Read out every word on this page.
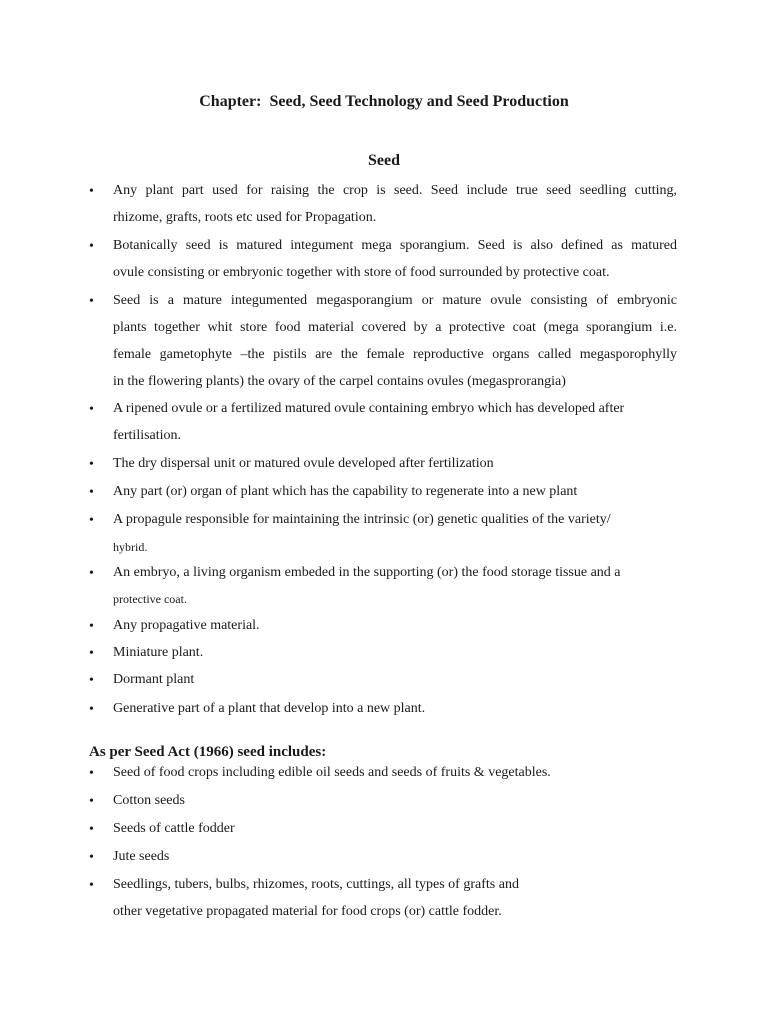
Chapter:  Seed, Seed Technology and Seed Production
Seed
• Any plant part used for raising the crop is seed. Seed include true seed seedling cutting,
rhizome, grafts, roots etc used for Propagation.
• Botanically seed is matured integument mega sporangium. Seed is also defined as matured
ovule consisting or embryonic together with store of food surrounded by protective coat.
• Seed is a mature integumented megasporangium or mature ovule consisting of embryonic
plants together whit store food material covered by a protective coat (mega sporangium i.e.
female gametophyte –the pistils are the female reproductive organs called megasporophylly
in the flowering plants) the ovary of the carpel contains ovules (megasprorangia)
• A ripened ovule or a fertilized matured ovule containing embryo which has developed after
fertilisation.
• The dry dispersal unit or matured ovule developed after fertilization
• Any part (or) organ of plant which has the capability to regenerate into a new plant
• A propagule responsible for maintaining the intrinsic (or) genetic qualities of the variety/
hybrid.
• An embryo, a living organism embeded in the supporting (or) the food storage tissue and a
protective coat.
• Any propagative material.
• Miniature plant.
• Dormant plant
• Generative part of a plant that develop into a new plant.
As per Seed Act (1966) seed includes:
• Seed of food crops including edible oil seeds and seeds of fruits & vegetables.
• Cotton seeds
• Seeds of cattle fodder
• Jute seeds
• Seedlings, tubers, bulbs, rhizomes, roots, cuttings, all types of grafts and
other vegetative propagated material for food crops (or) cattle fodder.
